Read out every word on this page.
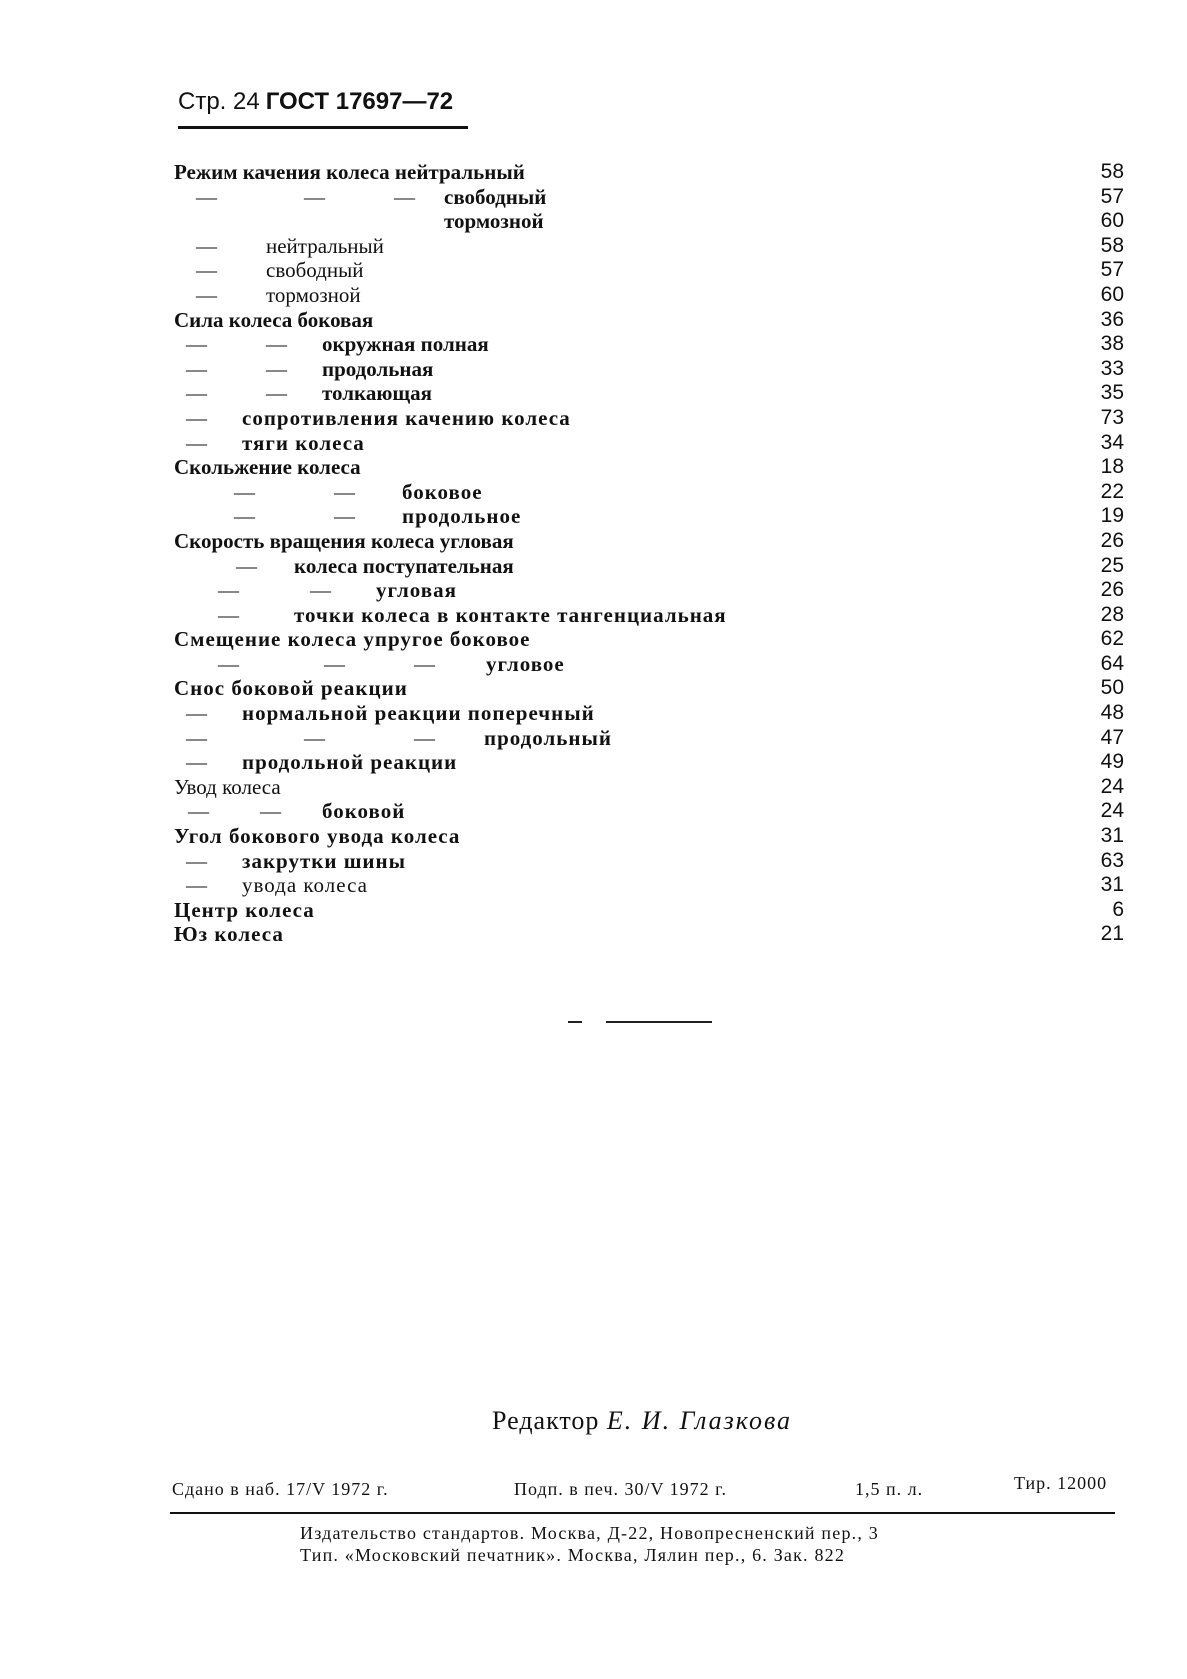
Стр. 24 ГОСТ 17697—72
Режим качения колеса нейтральный	58
—	—	— свободный	57
тормозной	60
— нейтральный	58
— свободный	57
— тормозной	60
Сила колеса боковая	36
—	— окружная полная	38
—	— продольная	33
—	— толкающая	35
— сопротивления качению колеса	73
— тяги колеса	34
Скольжение колеса	18
—	— боковое	22
—	— продольное	19
Скорость вращения колеса угловая	26
— колеса поступательная	25
—	— угловая	26
—	точки колеса в контакте тангенциальная	28
Смещение колеса упругое боковое	62
—	—	— угловое	64
Снос боковой реакции	50
— нормальной реакции поперечный	48
—	—	— продольный	47
— продольной реакции	49
Увод колеса	24
— — боковой	24
Угол бокового увода колеса	31
— закрутки шины	63
— увода колеса	31
Центр колеса	6
Юз колеса	21
Редактор Е. И. Глазкова
Сдано в наб. 17/V 1972 г.	Подп. в печ. 30/V 1972 г.	1,5 п. л.	Тир. 12000
Издательство стандартов. Москва, Д-22, Новопресненский пер., 3
Тип. «Московский печатник». Москва, Лялин пер., 6. Зак. 822
